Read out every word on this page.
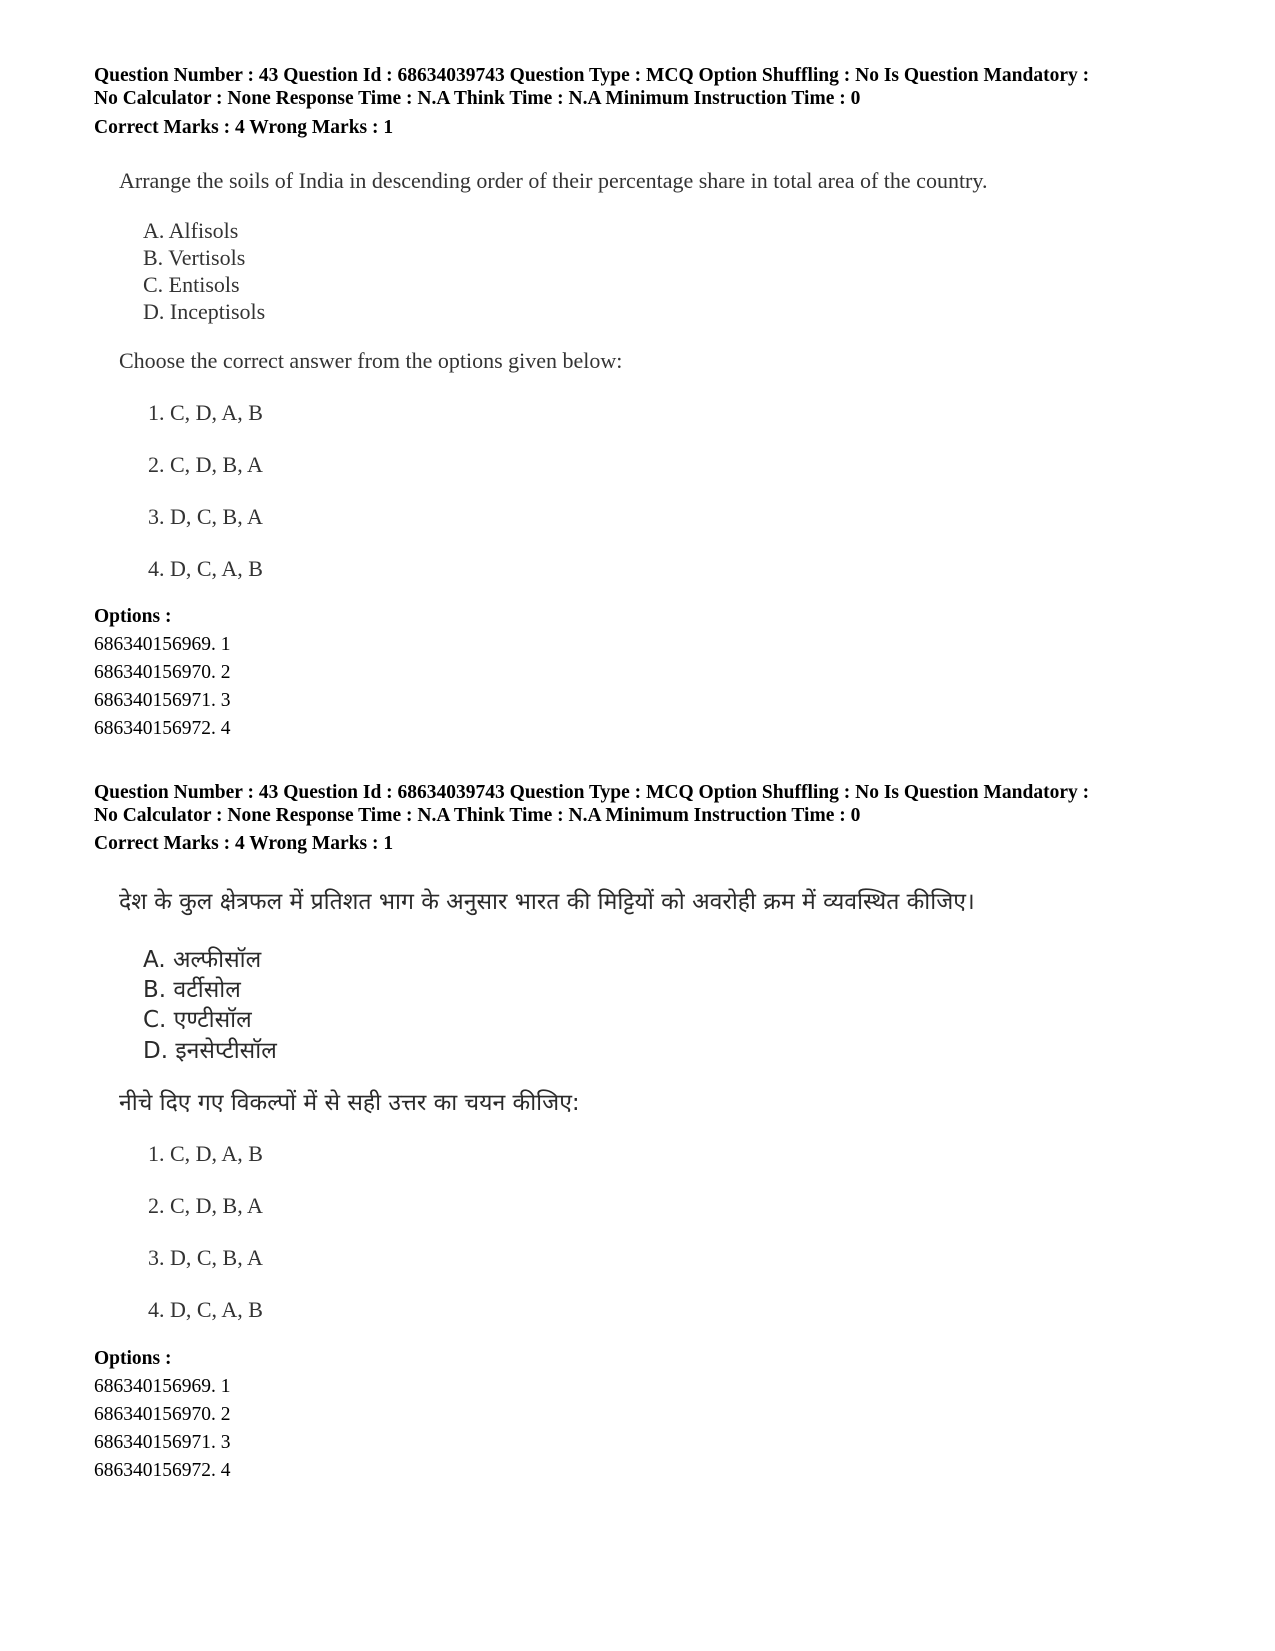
Question Number : 43 Question Id : 68634039743 Question Type : MCQ Option Shuffling : No Is Question Mandatory :
No Calculator : None Response Time : N.A Think Time : N.A Minimum Instruction Time : 0
Correct Marks : 4 Wrong Marks : 1
Arrange the soils of India in descending order of their percentage share in total area of the country.
A. Alfisols
B. Vertisols
C. Entisols
D. Inceptisols
Choose the correct answer from the options given below:
1. C, D, A, B
2. C, D, B, A
3. D, C, B, A
4. D, C, A, B
Options :
686340156969. 1
686340156970. 2
686340156971. 3
686340156972. 4
Question Number : 43 Question Id : 68634039743 Question Type : MCQ Option Shuffling : No Is Question Mandatory :
No Calculator : None Response Time : N.A Think Time : N.A Minimum Instruction Time : 0
Correct Marks : 4 Wrong Marks : 1
देश के कुल क्षेत्रफल में प्रतिशत भाग के अनुसार भारत की मिट्टियों को अवरोही क्रम में व्यवस्थित कीजिए।
A. अल्फीसॉल
B. वर्टीसोल
C. एण्टीसॉल
D. इनसेप्टीसॉल
नीचे दिए गए विकल्पों में से सही उत्तर का चयन कीजिए:
1. C, D, A, B
2. C, D, B, A
3. D, C, B, A
4. D, C, A, B
Options :
686340156969. 1
686340156970. 2
686340156971. 3
686340156972. 4
